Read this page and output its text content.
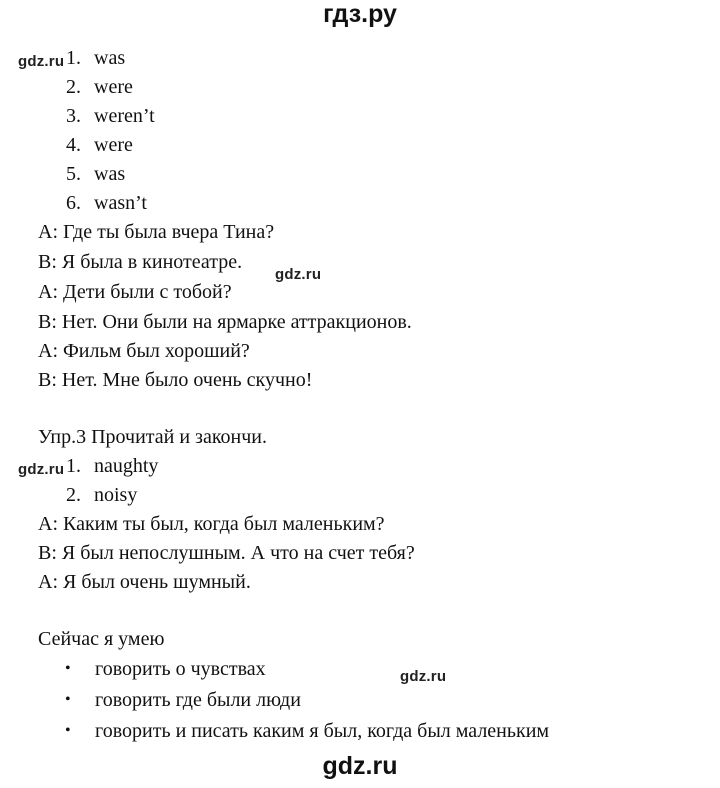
гдз.ру
gdz.ru 1. was
2. were
3. weren’t
4. were
5. was
6. wasn’t
A: Где ты была вчера Тина?
B: Я была в кинотеатре.
gdz.ru
A: Дети были с тобой?
B: Нет. Они были на ярмарке аттракционов.
A: Фильм был хороший?
B: Нет. Мне было очень скучно!
Упр.3 Прочитай и закончи.
gdz.ru 1. naughty
2. noisy
A: Каким ты был, когда был маленьким?
B: Я был непослушным. А что на счет тебя?
A: Я был очень шумный.
Сейчас я умею
• говорить о чувствах	gdz.ru
• говорить где были люди
• говорить и писать каким я был, когда был маленьким
gdz.ru
